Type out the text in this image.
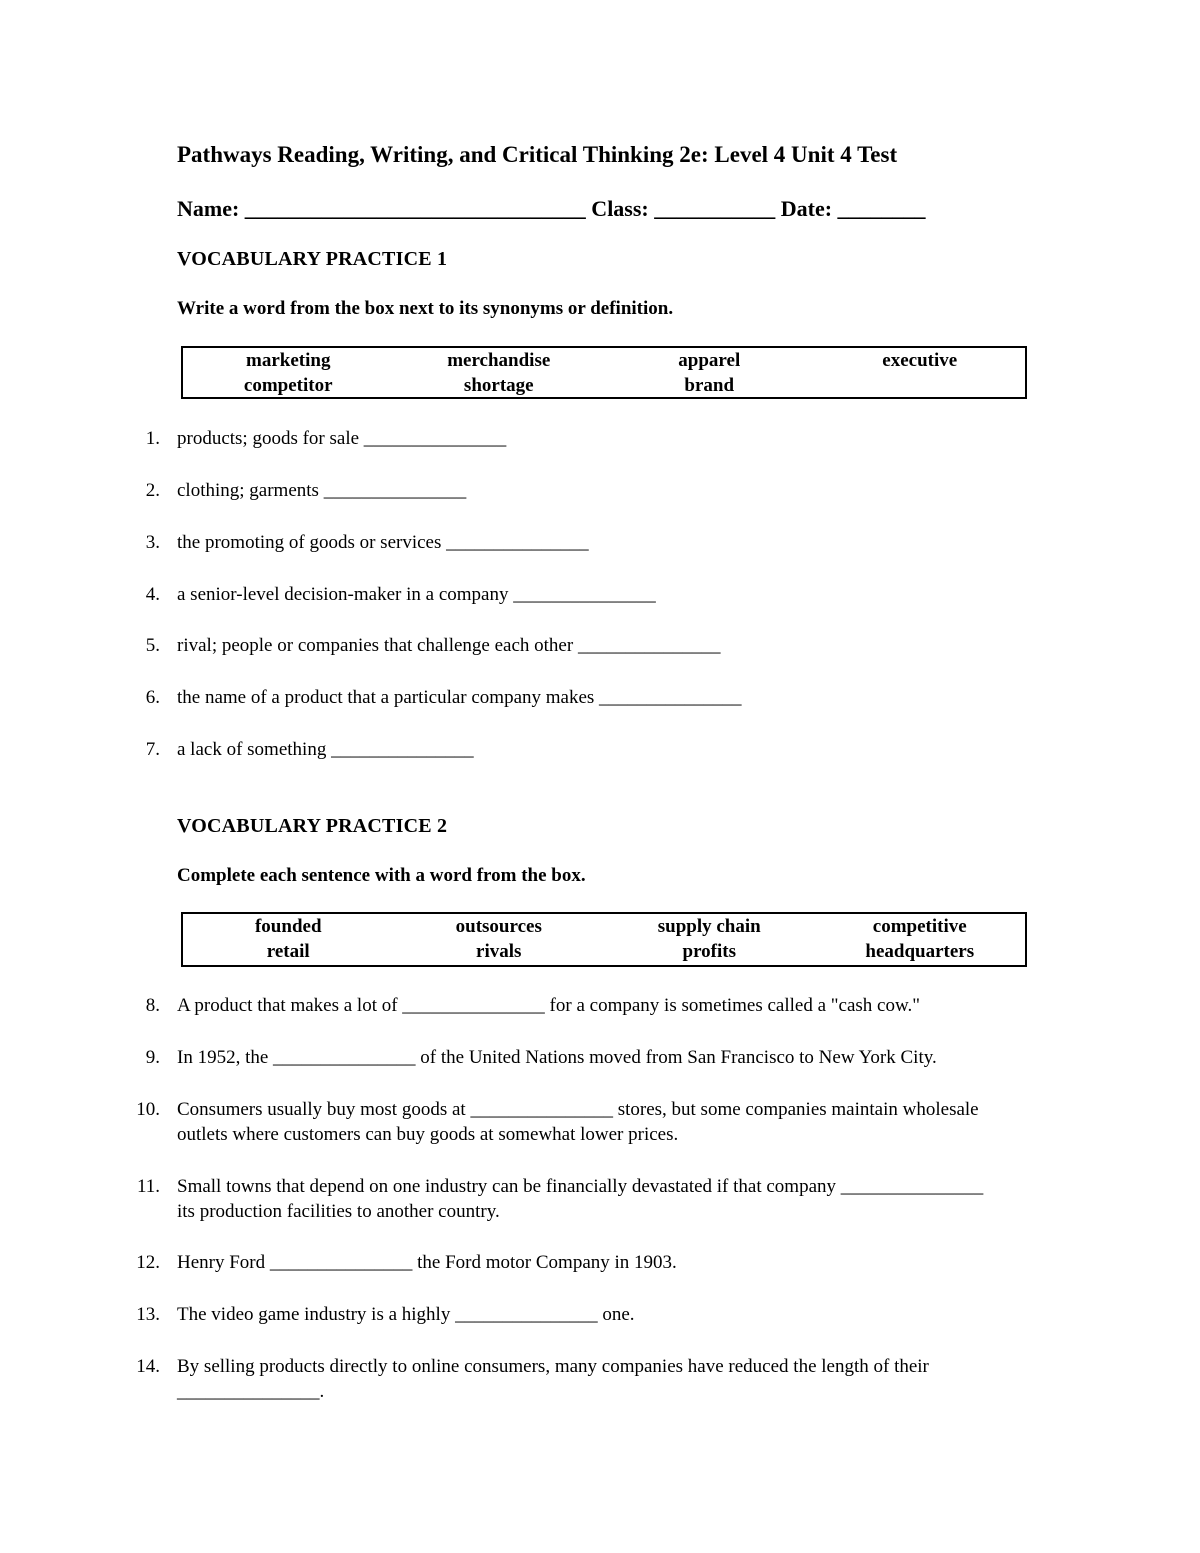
Pathways Reading, Writing, and Critical Thinking 2e: Level 4 Unit 4 Test
Name: _______________________________ Class: ___________ Date: ________
VOCABULARY PRACTICE 1
Write a word from the box next to its synonyms or definition.
marketing	merchandise	apparel	executive
competitor	shortage	brand
1. products; goods for sale _______________
2. clothing; garments _______________
3. the promoting of goods or services _______________
4. a senior-level decision-maker in a company _______________
5. rival; people or companies that challenge each other _______________
6. the name of a product that a particular company makes _______________
7. a lack of something _______________
VOCABULARY PRACTICE 2
Complete each sentence with a word from the box.
founded	outsources	supply chain	competitive
retail	rivals	profits	headquarters
8. A product that makes a lot of _______________ for a company is sometimes called a "cash cow."
9. In 1952, the _______________ of the United Nations moved from San Francisco to New York City.
10. Consumers usually buy most goods at _______________ stores, but some companies maintain wholesale
outlets where customers can buy goods at somewhat lower prices.
11. Small towns that depend on one industry can be financially devastated if that company _______________
its production facilities to another country.
12. Henry Ford _______________ the Ford motor Company in 1903.
13. The video game industry is a highly _______________ one.
14. By selling products directly to online consumers, many companies have reduced the length of their
_______________.
